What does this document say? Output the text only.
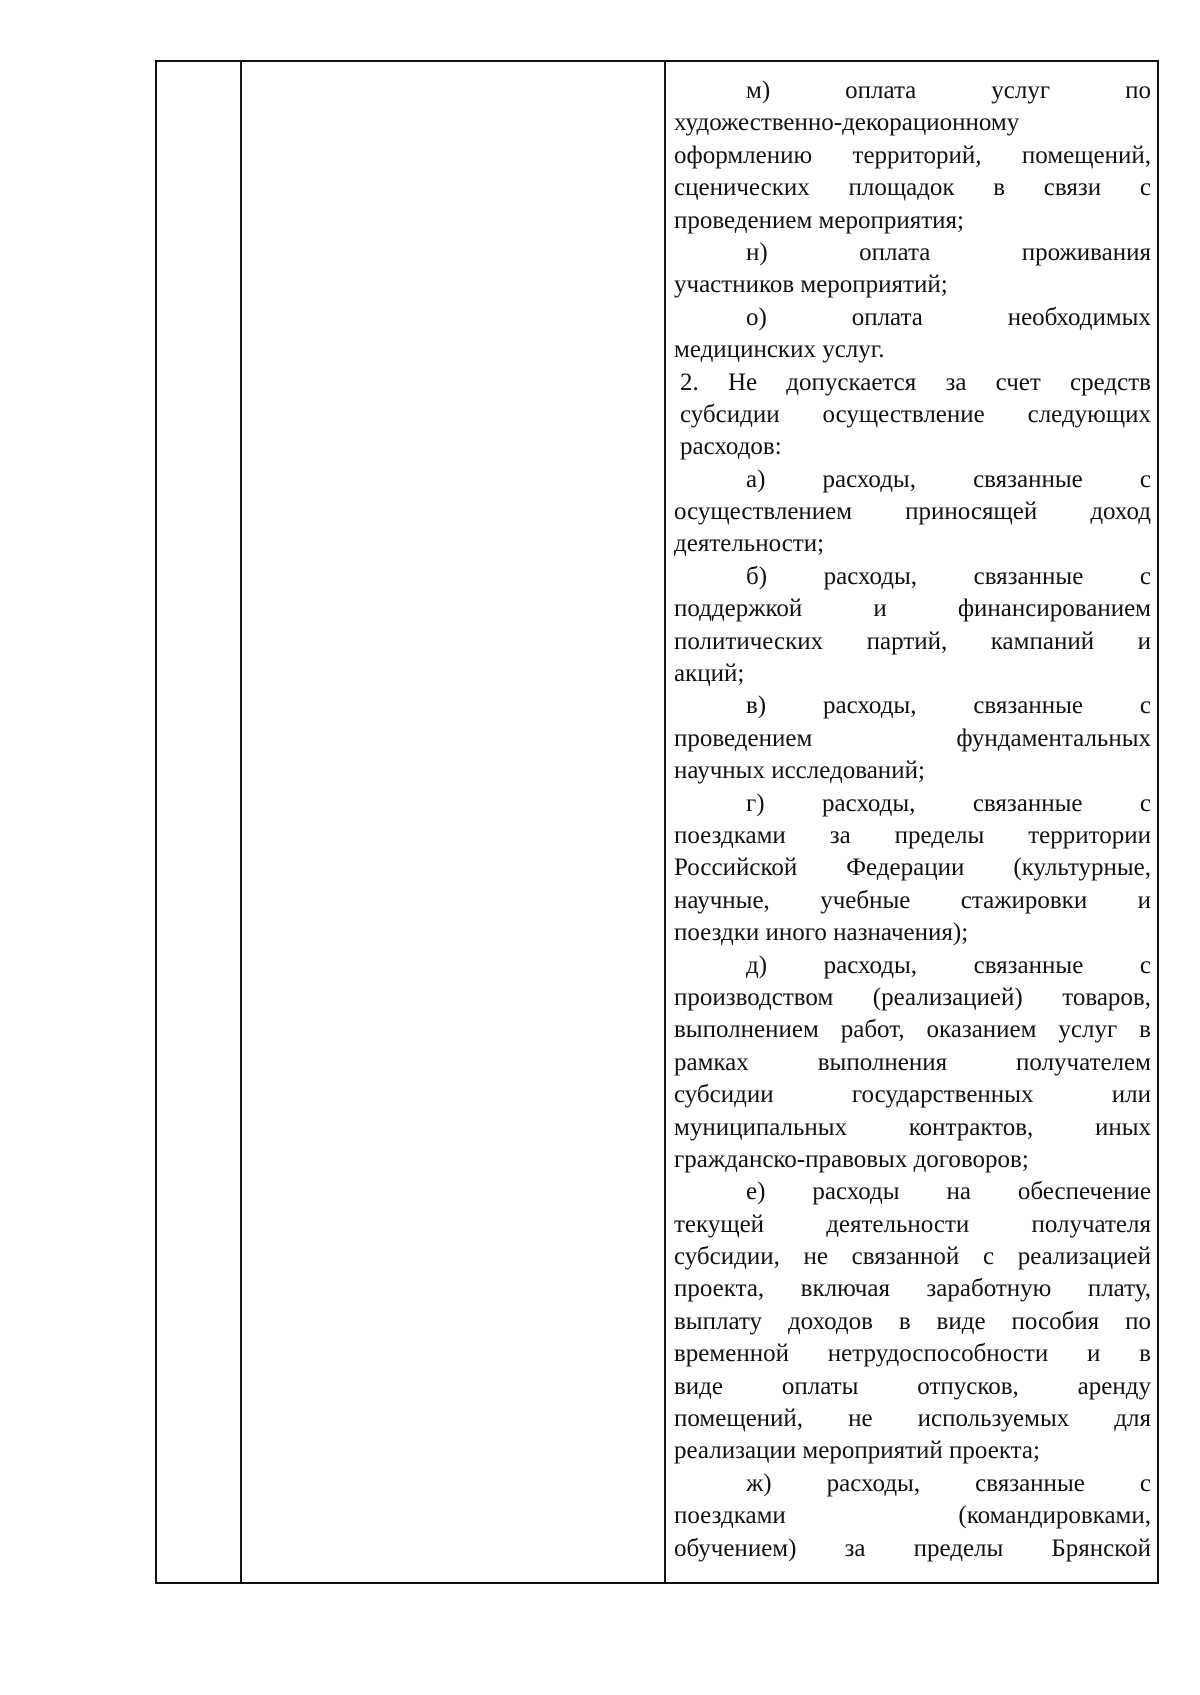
м)	оплата	услуг	по
художественно-декорационному
оформлению территорий, помещений,
сценических площадок в связи с
проведением мероприятия;
н)	оплата	проживания
участников мероприятий;
о)	оплата	необходимых
медицинских услуг.
2. Не допускается за счет средств
субсидии осуществление следующих
расходов:
а) расходы, связанные с
осуществлением приносящей доход
деятельности;
б) расходы, связанные с
поддержкой	и	финансированием
политических партий, кампаний и
акций;
в) расходы, связанные с
проведением	фундаментальных
научных исследований;
г) расходы, связанные с
поездками за пределы территории
Российской Федерации (культурные,
научные, учебные стажировки и
поездки иного назначения);
д) расходы, связанные с
производством (реализацией) товаров,
выполнением работ, оказанием услуг в
рамках	выполнения	получателем
субсидии	государственных	или
муниципальных контрактов, иных
гражданско-правовых договоров;
е) расходы на обеспечение
текущей деятельности получателя
субсидии, не связанной с реализацией
проекта, включая заработную плату,
выплату доходов в виде пособия по
временной нетрудоспособности и в
виде оплаты отпусков, аренду
помещений, не используемых для
реализации мероприятий проекта;
ж) расходы, связанные с
поездками	(командировками,
обучением) за пределы Брянской
